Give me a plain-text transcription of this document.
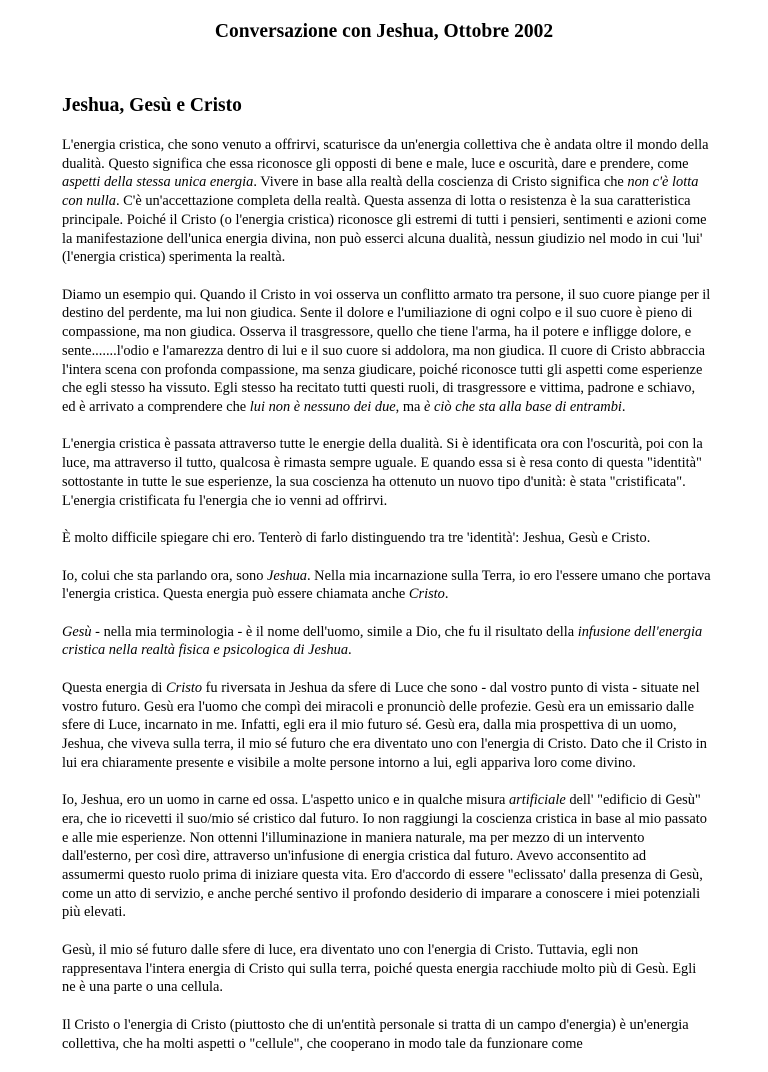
Conversazione con Jeshua, Ottobre 2002
Jeshua, Gesù e Cristo

L'energia cristica, che sono venuto a offrirvi, scaturisce da un'energia collettiva che è andata oltre il mondo della dualità. Questo significa che essa riconosce gli opposti di bene e male, luce e oscurità, dare e prendere, come aspetti della stessa unica energia. Vivere in base alla realtà della coscienza di Cristo significa che non c'è lotta con nulla. C'è un'accettazione completa della realtà. Questa assenza di lotta o resistenza è la sua caratteristica principale. Poiché il Cristo (o l'energia cristica) riconosce gli estremi di tutti i pensieri, sentimenti e azioni come la manifestazione dell'unica energia divina, non può esserci alcuna dualità, nessun giudizio nel modo in cui 'lui' (l'energia cristica) sperimenta la realtà.

Diamo un esempio qui. Quando il Cristo in voi osserva un conflitto armato tra persone, il suo cuore piange per il destino del perdente, ma lui non giudica. Sente il dolore e l'umiliazione di ogni colpo e il suo cuore è pieno di compassione, ma non giudica. Osserva il trasgressore, quello che tiene l'arma, ha il potere e infligge dolore, e sente.......l'odio e l'amarezza dentro di lui e il suo cuore si addolora, ma non giudica. Il cuore di Cristo abbraccia l'intera scena con profonda compassione, ma senza giudicare, poiché riconosce tutti gli aspetti come esperienze che egli stesso ha vissuto. Egli stesso ha recitato tutti questi ruoli, di trasgressore e vittima, padrone e schiavo, ed è arrivato a comprendere che lui non è nessuno dei due, ma è ciò che sta alla base di entrambi.

L'energia cristica è passata attraverso tutte le energie della dualità. Si è identificata ora con l'oscurità, poi con la luce, ma attraverso il tutto, qualcosa è rimasta sempre uguale. E quando essa si è resa conto di questa "identità" sottostante in tutte le sue esperienze, la sua coscienza ha ottenuto un nuovo tipo d'unità: è stata "cristificata". L'energia cristificata fu l'energia che io venni ad offrirvi.

È molto difficile spiegare chi ero. Tenterò di farlo distinguendo tra tre 'identità': Jeshua, Gesù e Cristo.

Io, colui che sta parlando ora, sono Jeshua. Nella mia incarnazione sulla Terra, io ero l'essere umano che portava l'energia cristica. Questa energia può essere chiamata anche Cristo.

Gesù - nella mia terminologia - è il nome dell'uomo, simile a Dio, che fu il risultato della infusione dell'energia cristica nella realtà fisica e psicologica di Jeshua.

Questa energia di Cristo fu riversata in Jeshua da sfere di Luce che sono - dal vostro punto di vista - situate nel vostro futuro. Gesù era l'uomo che compì dei miracoli e pronunciò delle profezie. Gesù era un emissario dalle sfere di Luce, incarnato in me. Infatti, egli era il mio futuro sé. Gesù era, dalla mia prospettiva di un uomo, Jeshua, che viveva sulla terra, il mio sé futuro che era diventato uno con l'energia di Cristo. Dato che il Cristo in lui era chiaramente presente e visibile a molte persone intorno a lui, egli appariva loro come divino.

Io, Jeshua, ero un uomo in carne ed ossa. L'aspetto unico e in qualche misura artificiale dell' "edificio di Gesù" era, che io ricevetti il suo/mio sé cristico dal futuro. Io non raggiungi la coscienza cristica in base al mio passato e alle mie esperienze. Non ottenni l'illuminazione in maniera naturale, ma per mezzo di un intervento dall'esterno, per così dire, attraverso un'infusione di energia cristica dal futuro. Avevo acconsentito ad assumermi questo ruolo prima di iniziare questa vita. Ero d'accordo di essere "eclissato' dalla presenza di Gesù, come un atto di servizio, e anche perché sentivo il profondo desiderio di imparare a conoscere i miei potenziali più elevati.

Gesù, il mio sé futuro dalle sfere di luce, era diventato uno con l'energia di Cristo. Tuttavia, egli non rappresentava l'intera energia di Cristo qui sulla terra, poiché questa energia racchiude molto più di Gesù. Egli ne è una parte o una cellula.

Il Cristo o l'energia di Cristo (piuttosto che di un'entità personale si tratta di un campo d'energia) è un'energia collettiva, che ha molti aspetti o "cellule", che cooperano in modo tale da funzionare come
